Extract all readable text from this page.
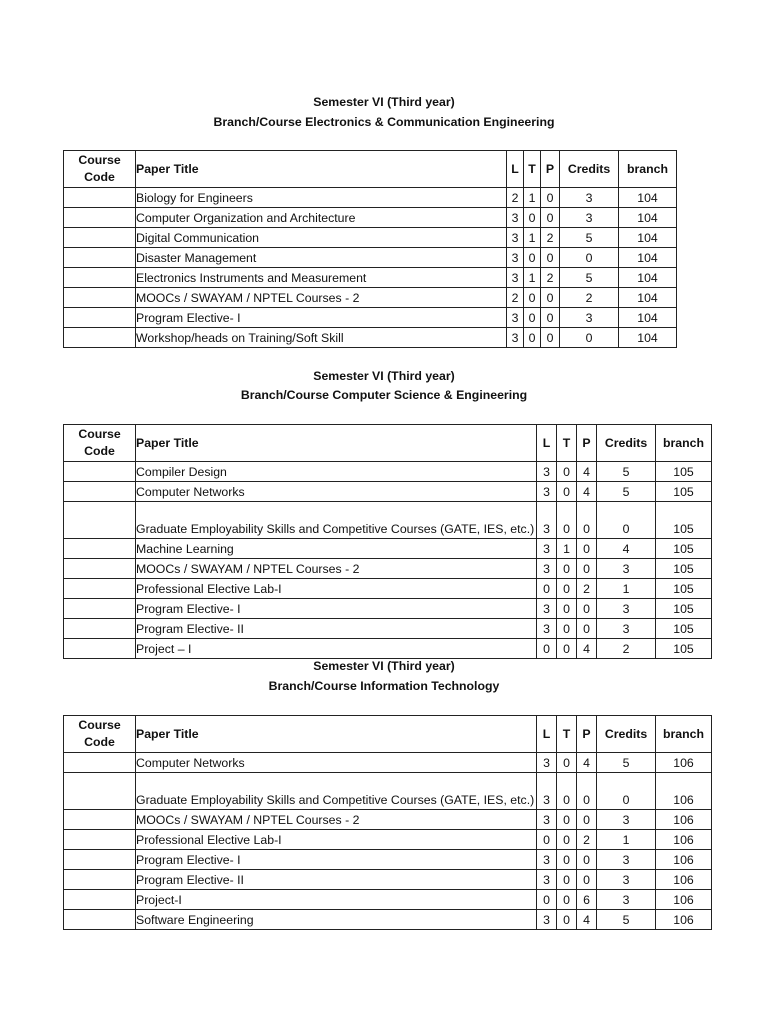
Semester VI (Third year)
Branch/Course Electronics & Communication Engineering
Course
Code	Paper Title	L	T	P	Credits	branch
	Biology for Engineers	2	1	0	3	104
	Computer Organization and Architecture	3	0	0	3	104
	Digital Communication	3	1	2	5	104
	Disaster Management	3	0	0	0	104
	Electronics Instruments and Measurement	3	1	2	5	104
	MOOCs / SWAYAM / NPTEL Courses - 2	2	0	0	2	104
	Program Elective- I	3	0	0	3	104
	Workshop/heads on Training/Soft Skill	3	0	0	0	104
Semester VI (Third year)
Branch/Course Computer Science & Engineering
Course
Code	Paper Title	L	T	P	Credits	branch
	Compiler Design	3	0	4	5	105
	Computer Networks	3	0	4	5	105
	Graduate Employability Skills and Competitive Courses (GATE, IES, etc.)	3	0	0	0	105
	Machine Learning	3	1	0	4	105
	MOOCs / SWAYAM / NPTEL Courses - 2	3	0	0	3	105
	Professional Elective Lab-I	0	0	2	1	105
	Program Elective- I	3	0	0	3	105
	Program Elective- II	3	0	0	3	105
	Project – I	0	0	4	2	105
Semester VI (Third year)
Branch/Course Information Technology
Course
Code	Paper Title	L	T	P	Credits	branch
	Computer Networks	3	0	4	5	106
	Graduate Employability Skills and Competitive Courses (GATE, IES, etc.)	3	0	0	0	106
	MOOCs / SWAYAM / NPTEL Courses - 2	3	0	0	3	106
	Professional Elective Lab-I	0	0	2	1	106
	Program Elective- I	3	0	0	3	106
	Program Elective- II	3	0	0	3	106
	Project-I	0	0	6	3	106
	Software Engineering	3	0	4	5	106
